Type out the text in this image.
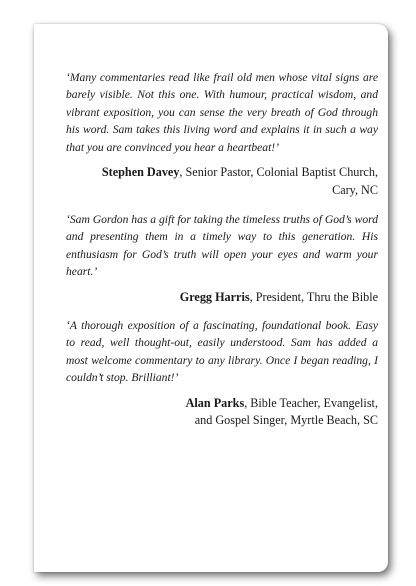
‘Many commentaries read like frail old men whose vital signs are barely visible. Not this one. With humour, practical wisdom, and vibrant exposition, you can sense the very breath of God through his word. Sam takes this living word and explains it in such a way that you are convinced you hear a heartbeat!’

Stephen Davey, Senior Pastor, Colonial Baptist Church,
Cary, NC

‘Sam Gordon has a gift for taking the timeless truths of God’s word and presenting them in a timely way to this generation. His enthusiasm for God’s truth will open your eyes and warm your heart.’

Gregg Harris, President, Thru the Bible

‘A thorough exposition of a fascinating, foundational book. Easy to read, well thought-out, easily understood. Sam has added a most welcome commentary to any library. Once I began reading, I couldn’t stop. Brilliant!’

Alan Parks, Bible Teacher, Evangelist,
and Gospel Singer, Myrtle Beach, SC
